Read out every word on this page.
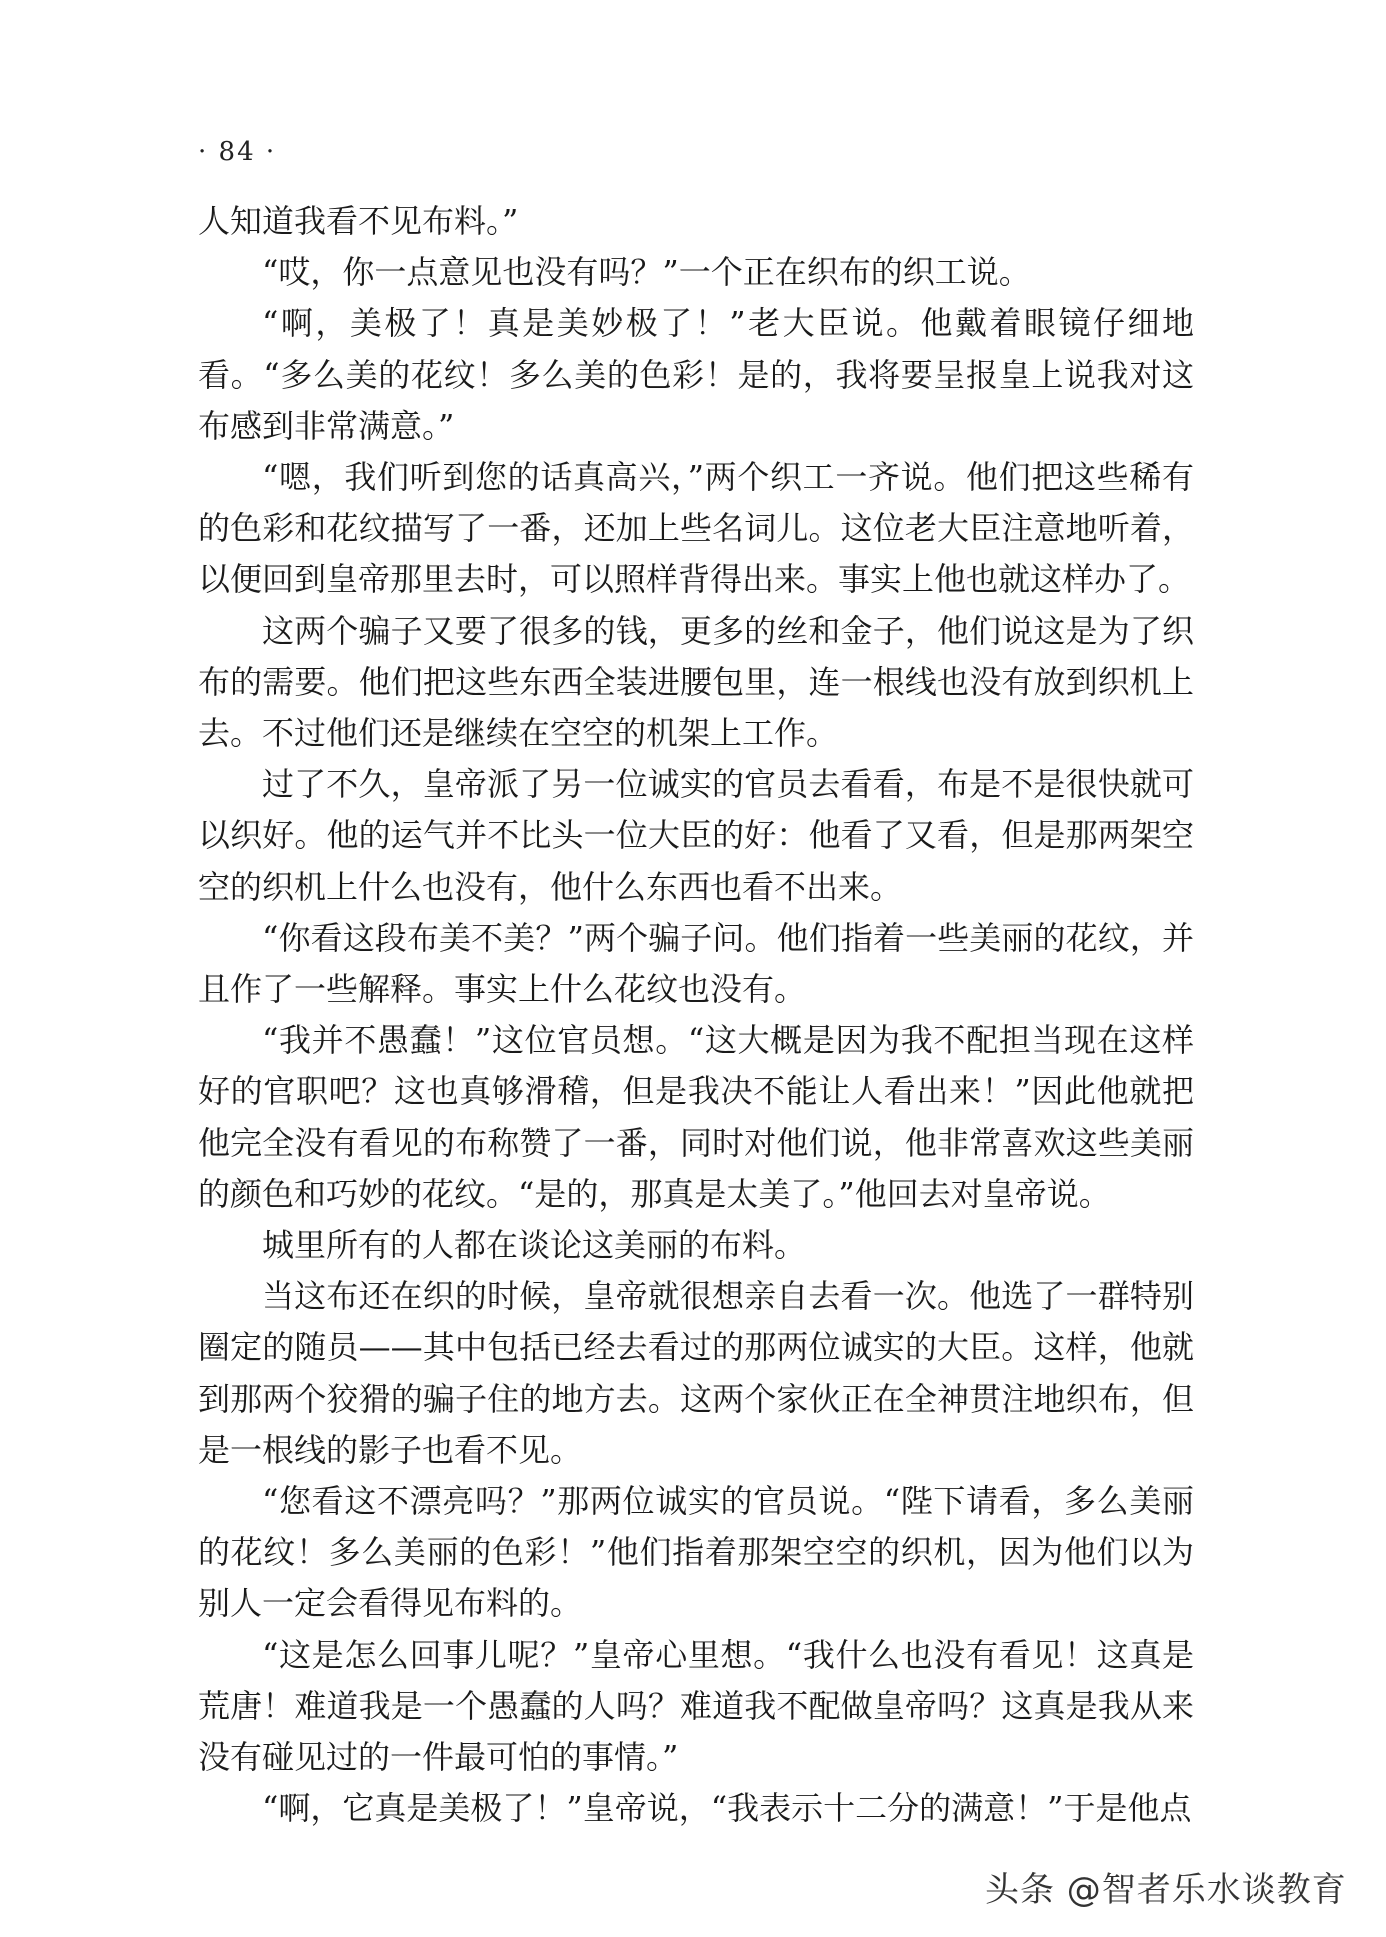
· 84 ·

人知道我看不见布料。”

“哎，你一点意见也没有吗？”一个正在织布的织工说。

“啊，美极了！真是美妙极了！”老大臣说。他戴着眼镜仔细地看。“多么美的花纹！多么美的色彩！是的，我将要呈报皇上说我对这布感到非常满意。”

“嗯，我们听到您的话真高兴，”两个织工一齐说。他们把这些稀有的色彩和花纹描写了一番，还加上些名词儿。这位老大臣注意地听着，以便回到皇帝那里去时，可以照样背得出来。事实上他也就这样办了。

这两个骗子又要了很多的钱，更多的丝和金子，他们说这是为了织布的需要。他们把这些东西全装进腰包里，连一根线也没有放到织机上去。不过他们还是继续在空空的机架上工作。

过了不久，皇帝派了另一位诚实的官员去看看，布是不是很快就可以织好。他的运气并不比头一位大臣的好：他看了又看，但是那两架空空的织机上什么也没有，他什么东西也看不出来。

“你看这段布美不美？”两个骗子问。他们指着一些美丽的花纹，并且作了一些解释。事实上什么花纹也没有。

“我并不愚蠢！”这位官员想。“这大概是因为我不配担当现在这样好的官职吧？这也真够滑稽，但是我决不能让人看出来！”因此他就把他完全没有看见的布称赞了一番，同时对他们说，他非常喜欢这些美丽的颜色和巧妙的花纹。“是的，那真是太美了。”他回去对皇帝说。

城里所有的人都在谈论这美丽的布料。

当这布还在织的时候，皇帝就很想亲自去看一次。他选了一群特别圈定的随员——其中包括已经去看过的那两位诚实的大臣。这样，他就到那两个狡猾的骗子住的地方去。这两个家伙正在全神贯注地织布，但是一根线的影子也看不见。

“您看这不漂亮吗？”那两位诚实的官员说。“陛下请看，多么美丽的花纹！多么美丽的色彩！”他们指着那架空空的织机，因为他们以为别人一定会看得见布料的。

“这是怎么回事儿呢？”皇帝心里想。“我什么也没有看见！这真是荒唐！难道我是一个愚蠢的人吗？难道我不配做皇帝吗？这真是我从来没有碰见过的一件最可怕的事情。”

“啊，它真是美极了！”皇帝说，“我表示十二分的满意！”于是他点

头条 @智者乐水谈教育
